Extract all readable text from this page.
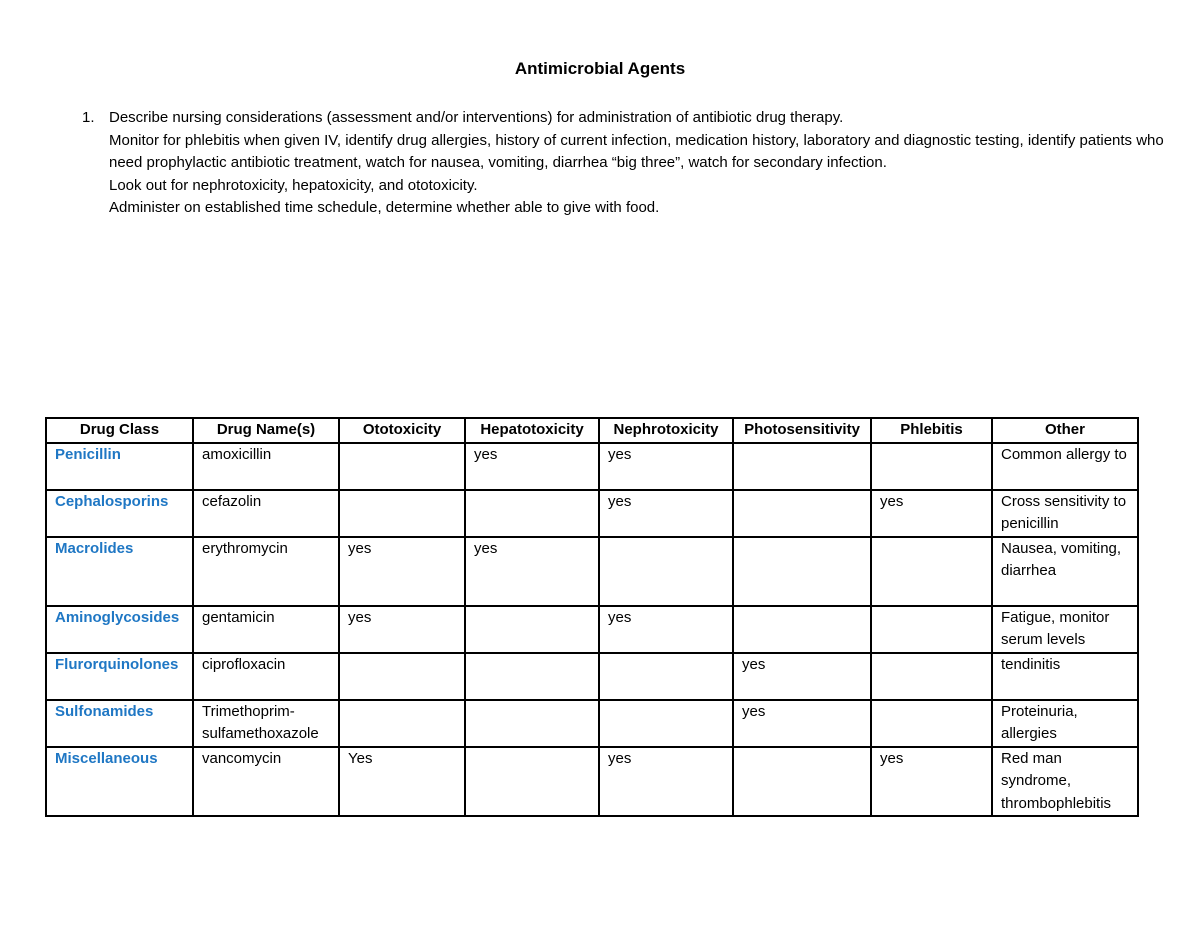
Antimicrobial Agents
1. Describe nursing considerations (assessment and/or interventions) for administration of antibiotic drug therapy.
Monitor for phlebitis when given IV, identify drug allergies, history of current infection, medication history, laboratory and diagnostic testing, identify patients who need prophylactic antibiotic treatment, watch for nausea, vomiting, diarrhea “big three”, watch for secondary infection.
Look out for nephrotoxicity, hepatoxicity, and ototoxicity.
Administer on established time schedule, determine whether able to give with food.
Drug Class	Drug Name(s)	Ototoxicity	Hepatotoxicity	Nephrotoxicity	Photosensitivity	Phlebitis	Other
Penicillin	amoxicillin		yes	yes			Common allergy to
Cephalosporins	cefazolin			yes		yes	Cross sensitivity to penicillin
Macrolides	erythromycin	yes	yes				Nausea, vomiting, diarrhea
Aminoglycosides	gentamicin	yes		yes			Fatigue, monitor serum levels
Flurorquinolones	ciprofloxacin				yes		tendinitis
Sulfonamides	Trimethoprim-sulfamethoxazole				yes		Proteinuria, allergies
Miscellaneous	vancomycin	Yes		yes		yes	Red man syndrome, thrombophlebitis
